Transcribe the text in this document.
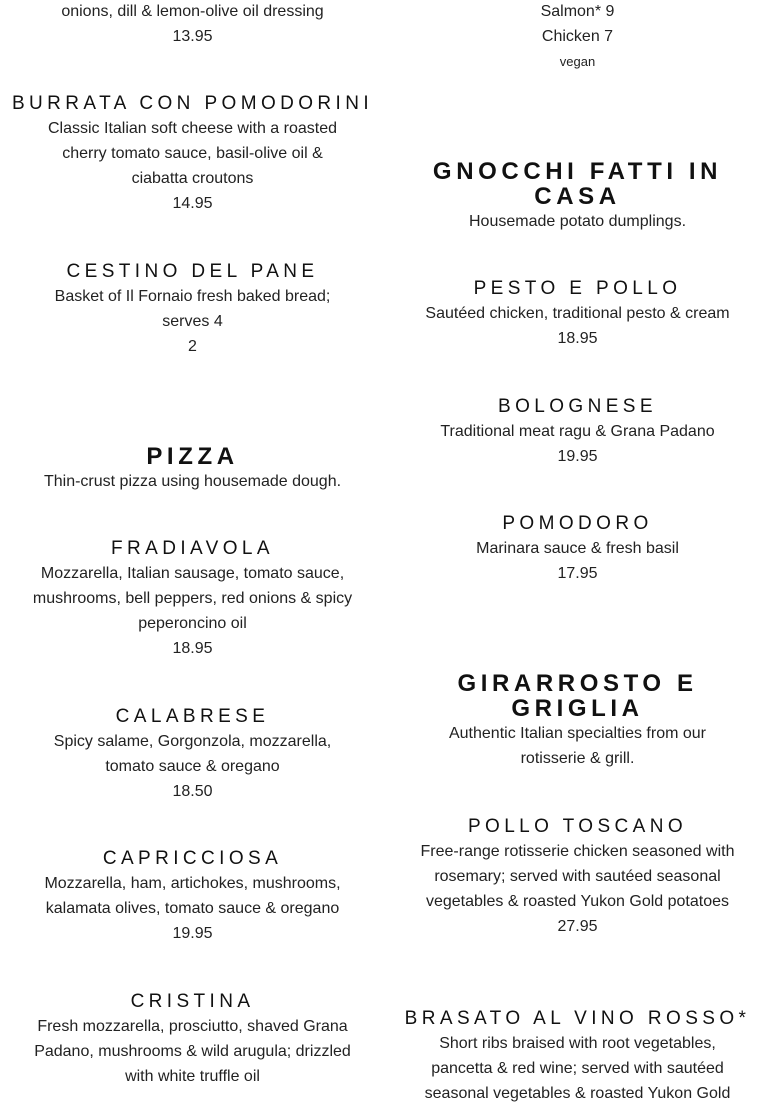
onions, dill & lemon-olive oil dressing
13.95
BURRATA CON POMODORINI
Classic Italian soft cheese with a roasted cherry tomato sauce, basil-olive oil & ciabatta croutons
14.95
CESTINO DEL PANE
Basket of Il Fornaio fresh baked bread; serves 4
2
PIZZA
Thin-crust pizza using housemade dough.
FRADIAVOLA
Mozzarella, Italian sausage, tomato sauce, mushrooms, bell peppers, red onions & spicy peperoncino oil
18.95
CALABRESE
Spicy salame, Gorgonzola, mozzarella, tomato sauce & oregano
18.50
CAPRICCIOSA
Mozzarella, ham, artichokes, mushrooms, kalamata olives, tomato sauce & oregano
19.95
CRISTINA
Fresh mozzarella, prosciutto, shaved Grana Padano, mushrooms & wild arugula; drizzled with white truffle oil
Salmon* 9
Chicken 7
vegan
GNOCCHI FATTI IN CASA
Housemade potato dumplings.
PESTO E POLLO
Sautéed chicken, traditional pesto & cream
18.95
BOLOGNESE
Traditional meat ragu & Grana Padano
19.95
POMODORO
Marinara sauce & fresh basil
17.95
GIRARROSTO E GRIGLIA
Authentic Italian specialties from our rotisserie & grill.
POLLO TOSCANO
Free-range rotisserie chicken seasoned with rosemary; served with sautéed seasonal vegetables & roasted Yukon Gold potatoes
27.95
BRASATO AL VINO ROSSO*
Short ribs braised with root vegetables, pancetta & red wine; served with sautéed seasonal vegetables & roasted Yukon Gold
